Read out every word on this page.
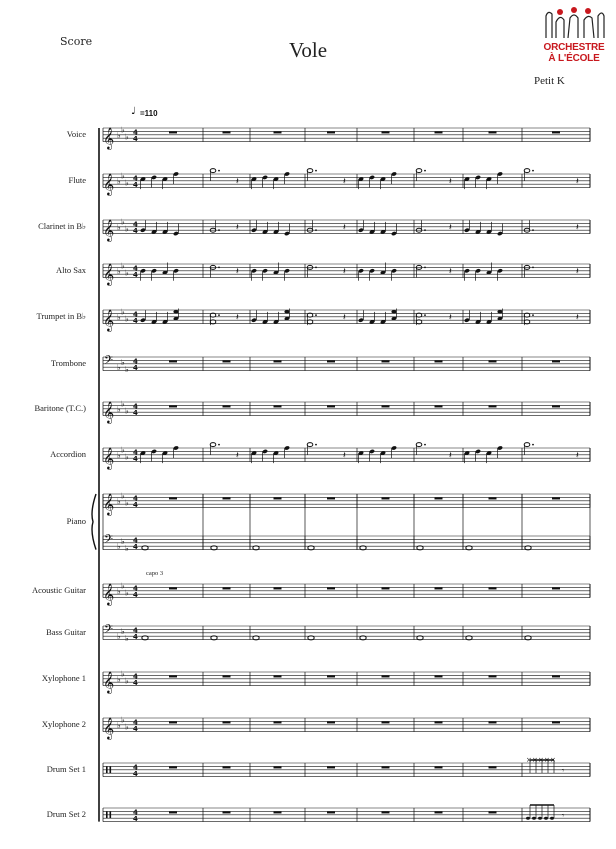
Score	Vole	ORCHESTRE
À L'ÉCOLE
Petit K
♩ =110
capo 3
Voice
Flute
Clarinet in B♭
Alto Sax
Trumpet in B♭
Trombone
Baritone (T.C.)
Accordion
Piano
Acoustic Guitar
Bass Guitar
Xylophone 1
Xylophone 2
Drum Set 1
Drum Set 2
𝄞 ♭
♭
♭
4
4
𝄞 ♭
♭
♭
4
4	𝄽	𝄽	𝄽	𝄽
𝄞 ♭
♭
♭
4
4	𝄽	𝄽	𝄽	𝄽
𝄞 ♭
♭
♭
4
4	𝄽	𝄽	𝄽	𝄽
𝄞 ♭
♭
♭
4
4	𝄽	𝄽	𝄽	𝄽
𝄢 ♭
♭
♭
4
4
𝄞 ♭
♭
♭
4
4
𝄞 ♭
♭
♭
4
4	𝄽	𝄽	𝄽	𝄽
𝄞 ♭
♭
♭
4
4
𝄢 ♭
♭
♭
4
4
𝄞 ♭
♭
♭
4
4
𝄢 ♭
♭
♭
4
4
𝄞 ♭
♭
♭
4
4
𝄞 ♭
♭
♭
4
4
4
4
× × × × ×
𝄾
4
4	𝄾
